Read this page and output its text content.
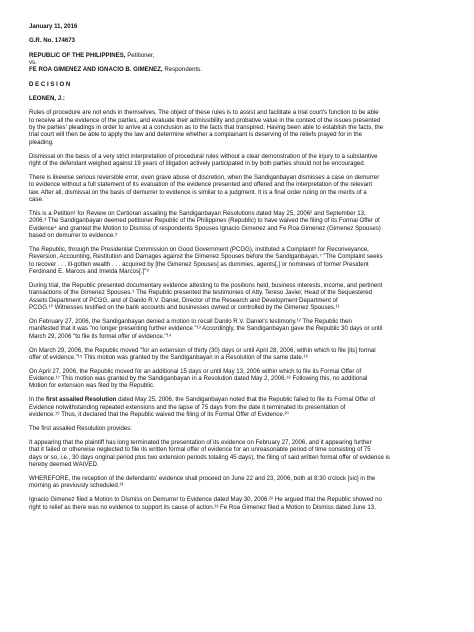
January 11, 2016
G.R. No. 174673
REPUBLIC OF THE PHILIPPINES, Petitioner,
vs.
FE ROA GIMENEZ AND IGNACIO B. GIMENEZ, Respondents.
D E C I S I O N
LEONEN, J.:
Rules of procedure are not ends in themselves. The object of these rules is to assist and facilitate a trial court's function to be able
to receive all the evidence of the parties, and evaluate their admissibility and probative value in the context of the issues presented
by the parties' pleadings in order to arrive at a conclusion as to the facts that transpired. Having been able to establish the facts, the
trial court will then be able to apply the law and determine whether a complainant is deserving of the reliefs prayed for in the
pleading.
Dismissal on the basis of a very strict interpretation of procedural rules without a clear demonstration of the injury to a substantive
right of the defendant weighed against 19 years of litigation actively participated in by both parties should not be encouraged.
There is likewise serious reversible error, even grave abuse of discretion, when the Sandiganbayan dismisses a case on demurrer
to evidence without a full statement of its evaluation of the evidence presented and offered and the interpretation of the relevant
law. After all, dismissal on the basis of demurrer to evidence is similar to a judgment. It is a final order ruling on the merits of a
case.
This is a Petition¹ for Review on Certiorari assailing the Sandiganbayan Resolutions dated May 25, 2006² and September 13,
2006.³ The Sandiganbayan deemed petitioner Republic of the Philippines (Republic) to have waived the filing of its Formal Offer of
Evidence⁴ and granted the Motion to Dismiss of respondents Spouses Ignacio Gimenez and Fe Roa Gimenez (Gimenez Spouses)
based on demurrer to evidence.⁵
The Republic, through the Presidential Commission on Good Government (PCGG), instituted a Complaint⁶ for Reconveyance,
Reversion, Accounting, Restitution and Damages against the Gimenez Spouses before the Sandiganbayan.⁷ "The Complaint seeks
to recover . . . ill-gotten wealth . . . acquired by [the Gimenez Spouses] as dummies, agents[,] or nominees of former President
Ferdinand E. Marcos and Imelda Marcos[.]"⁸
During trial, the Republic presented documentary evidence attesting to the positions held, business interests, income, and pertinent
transactions of the Gimenez Spouses.⁹ The Republic presented the testimonies of Atty. Tereso Javier, Head of the Sequestered
Assets Department of PCGG, and of Danilo R.V. Daniel, Director of the Research and Development Department of
PCGG.¹⁰ Witnesses testified on the bank accounts and businesses owned or controlled by the Gimenez Spouses.¹¹
On February 27, 2006, the Sandiganbayan denied a motion to recall Danilo R.V. Daniel's testimony.¹² The Republic then
manifested that it was "no longer presenting further evidence."¹³ Accordingly, the Sandiganbayan gave the Republic 30 days or until
March 29, 2006 "to file its formal offer of evidence."¹⁴
On March 29, 2006, the Republic moved "for an extension of thirty (30) days or until April 28, 2006, within which to file [its] formal
offer of evidence."¹⁵ This motion was granted by the Sandiganbayan in a Resolution of the same date.¹⁶
On April 27, 2006, the Republic moved for an additional 15 days or until May 13, 2006 within which to file its Formal Offer of
Evidence.¹⁷ This motion was granted by the Sandiganbayan in a Resolution dated May 2, 2006.¹⁸ Following this, no additional
Motion for extension was filed by the Republic.
In the first assailed Resolution dated May 25, 2006, the Sandiganbayan noted that the Republic failed to file its Formal Offer of
Evidence notwithstanding repeated extensions and the lapse of 75 days from the date it terminated its presentation of
evidence.¹⁹ Thus, it declared that the Republic waived the filing of its Formal Offer of Evidence.²⁰
The first assailed Resolution provides:
It appearing that the plaintiff has long terminated the presentation of its evidence on February 27, 2006, and it appearing further
that it failed or otherwise neglected to file its written formal offer of evidence for an unreasonable period of time consisting of 75
days or so, i.e., 30 days original period plus two extension periods totaling 45 days), the filing of said written formal offer of evidence is
hereby deemed WAIVED.
WHEREFORE, the reception of the defendants' evidence shall proceed on June 22 and 23, 2006, both at 8:30 o'clock [sic] in the
morning as previously scheduled.²¹
Ignacio Gimenez filed a Motion to Dismiss on Demurrer to Evidence dated May 30, 2006.²² He argued that the Republic showed no
right to relief as there was no evidence to support its cause of action.²³ Fe Roa Gimenez filed a Motion to Dismiss dated June 13,
